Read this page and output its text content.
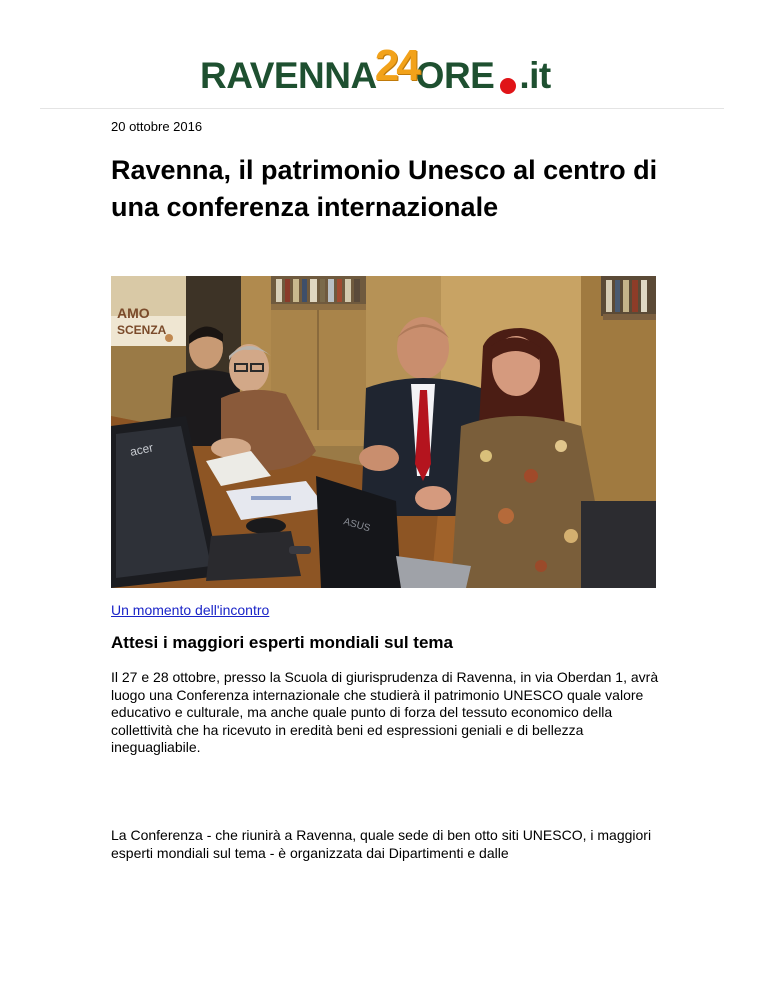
RAVENNA24ORE .it
20 ottobre 2016
Ravenna, il patrimonio Unesco al centro di una conferenza internazionale
AMO
SCENZA
acer
ASUS
Un momento dell'incontro
Attesi i maggiori esperti mondiali sul tema

Il 27 e 28 ottobre, presso la Scuola di giurisprudenza di Ravenna, in via Oberdan 1, avrà luogo una Conferenza internazionale che studierà il patrimonio UNESCO quale valore educativo e culturale, ma anche quale punto di forza del tessuto economico della collettività che ha ricevuto in eredità beni ed espressioni geniali e di bellezza ineguagliabile.

La Conferenza - che riunirà a Ravenna, quale sede di ben otto siti UNESCO, i maggiori esperti mondiali sul tema - è organizzata dai Dipartimenti e dalle
